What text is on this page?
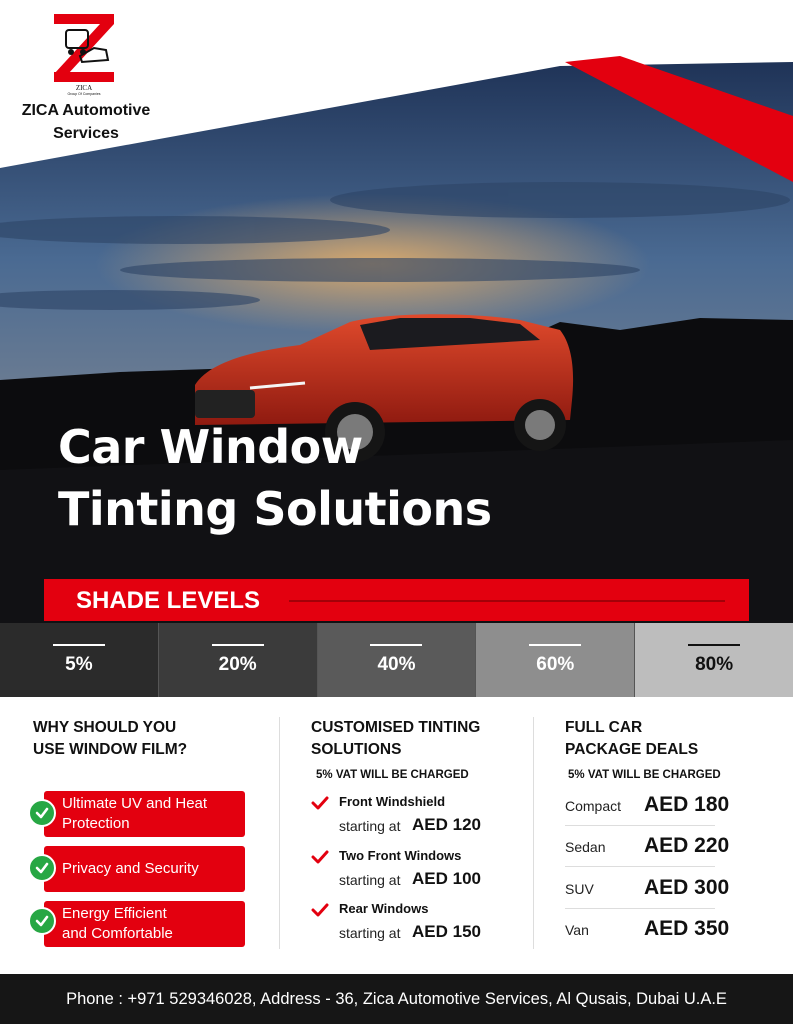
Car Window
Tinting Solutions
ZICA
Group Of Companies
ZICA Automotive
Services
SHADE LEVELS
5%	20%	40%	60%	80%
WHY SHOULD YOU
USE WINDOW FILM?
Ultimate UV and Heat
Protection
Privacy and Security
Energy Efficient
and Comfortable
CUSTOMISED TINTING
SOLUTIONS
5% VAT WILL BE CHARGED
Front Windshield
starting at AED 120
Two Front Windows
starting at AED 100
Rear Windows
starting at AED 150
FULL CAR
PACKAGE DEALS
5% VAT WILL BE CHARGED
Compact AED 180
Sedan AED 220
SUV AED 300
Van	AED 350
Phone : +971 529346028, Address - 36, Zica Automotive Services, Al Qusais, Dubai U.A.E
